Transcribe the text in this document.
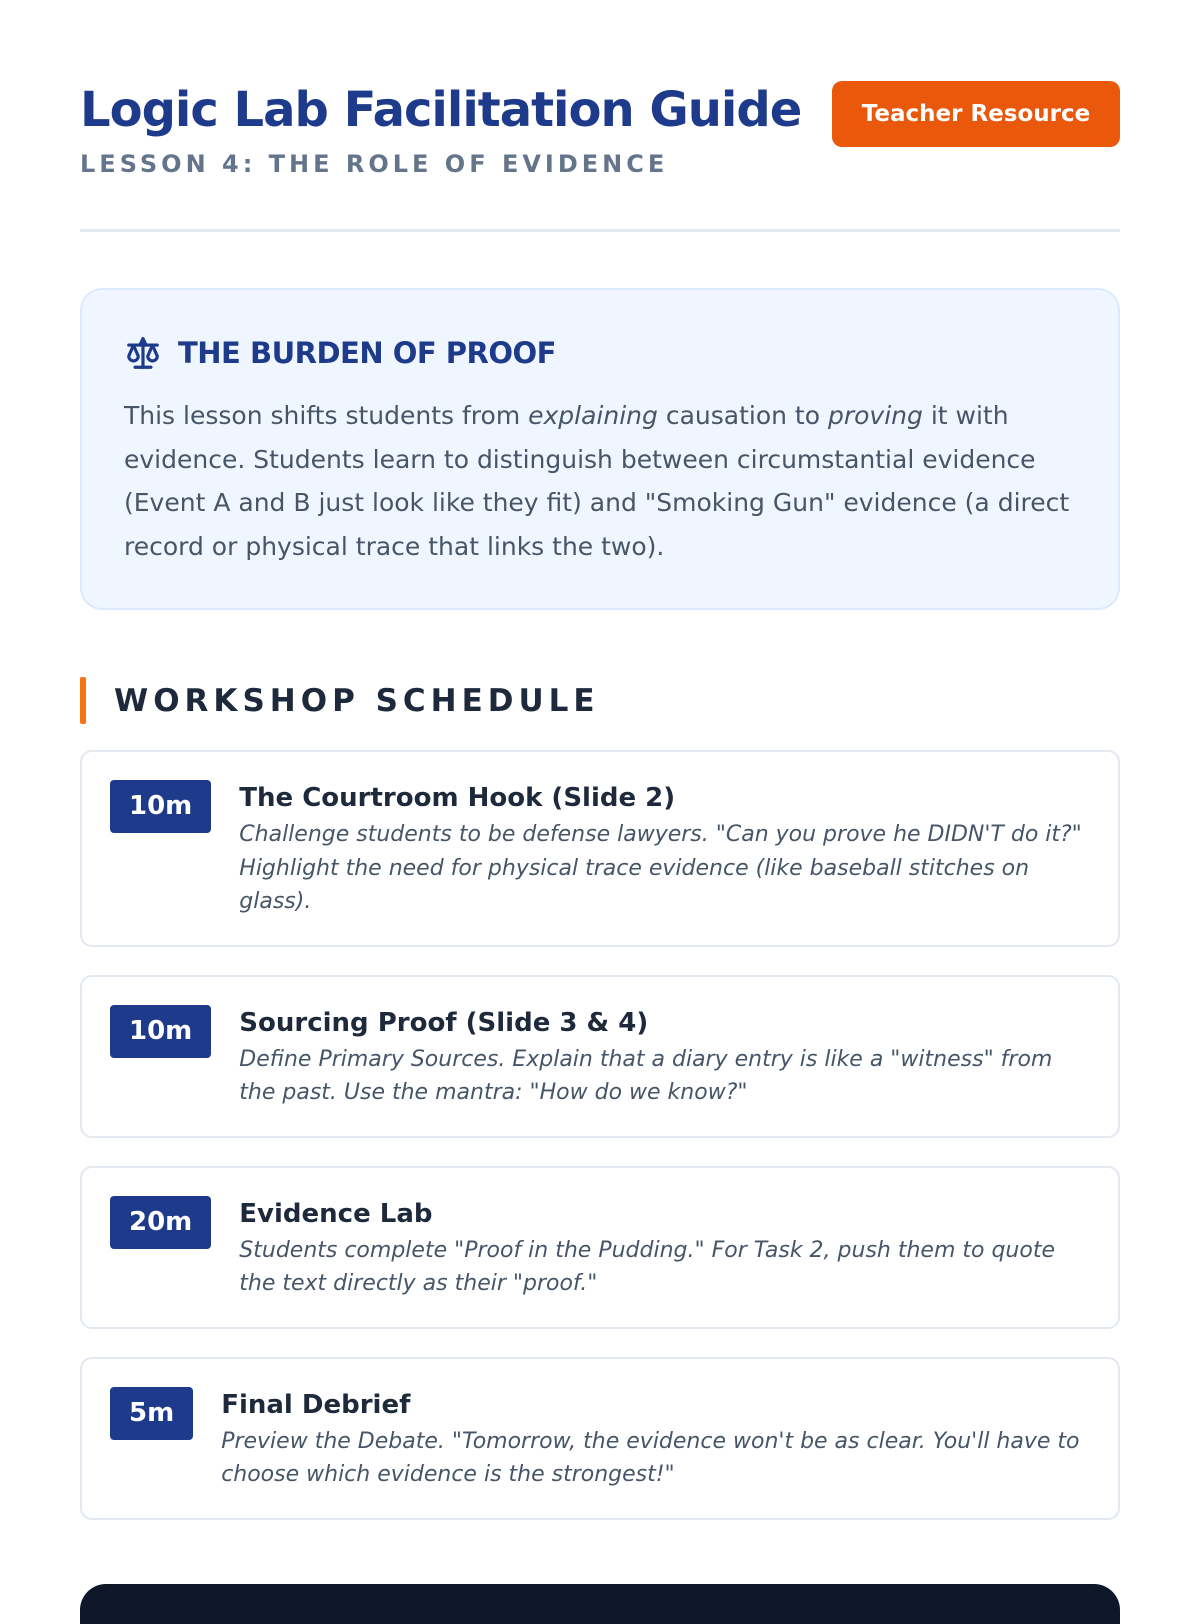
Logic Lab Facilitation Guide
LESSON 4: THE ROLE OF EVIDENCE
Teacher Resource
THE BURDEN OF PROOF

This lesson shifts students from explaining causation to proving it with evidence. Students learn to distinguish between circumstantial evidence (Event A and B just look like they fit) and "Smoking Gun" evidence (a direct record or physical trace that links the two).

WORKSHOP SCHEDULE
10m	The Courtroom Hook (Slide 2)

Challenge students to be defense lawyers. "Can you prove he DIDN'T do it?" Highlight the need for physical trace evidence (like baseball stitches on glass).

10m	Sourcing Proof (Slide 3 & 4)

Define Primary Sources. Explain that a diary entry is like a "witness" from the past. Use the mantra: "How do we know?"

20m	Evidence Lab

Students complete "Proof in the Pudding." For Task 2, push them to quote the text directly as their "proof."

5m	Final Debrief

Preview the Debate. "Tomorrow, the evidence won't be as clear. You'll have to choose which evidence is the strongest!"
